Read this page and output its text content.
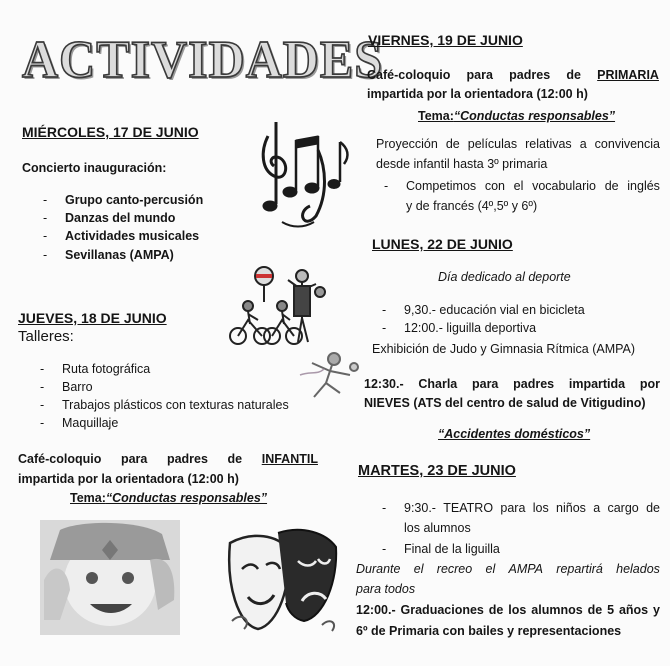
ACTIVIDADES
MIÉRCOLES, 17 DE JUNIO
Concierto inauguración:
- Grupo canto-percusión
- Danzas del mundo
- Actividades musicales
- Sevillanas (AMPA)
JUEVES, 18 DE JUNIO
Talleres:
- Ruta fotográfica
- Barro
- Trabajos plásticos con texturas naturales
- Maquillaje
Café-coloquio para padres de INFANTIL
impartida por la orientadora (12:00 h)
Tema:“Conductas responsables”
VIERNES, 19 DE JUNIO
Café-coloquio para padres de PRIMARIA
impartida por la orientadora (12:00 h)
Tema:“Conductas responsables”
Proyección de películas relativas a convivencia
desde infantil hasta 3º primaria
- Competimos con el vocabulario de inglés
y de francés (4º,5º y 6º)
LUNES, 22 DE JUNIO
Día dedicado al deporte
- 9,30.- educación vial en bicicleta
- 12:00.- liguilla deportiva
Exhibición de Judo y Gimnasia Rítmica (AMPA)
12:30.- Charla para padres impartida por
NIEVES (ATS del centro de salud de Vitigudino)
“Accidentes domésticos”
MARTES, 23 DE JUNIO
- 9:30.- TEATRO para los niños a cargo de
los alumnos
- Final de la liguilla
Durante el recreo el AMPA repartirá helados
para todos
12:00.- Graduaciones de los alumnos de 5 años y
6º de Primaria con bailes y representaciones
